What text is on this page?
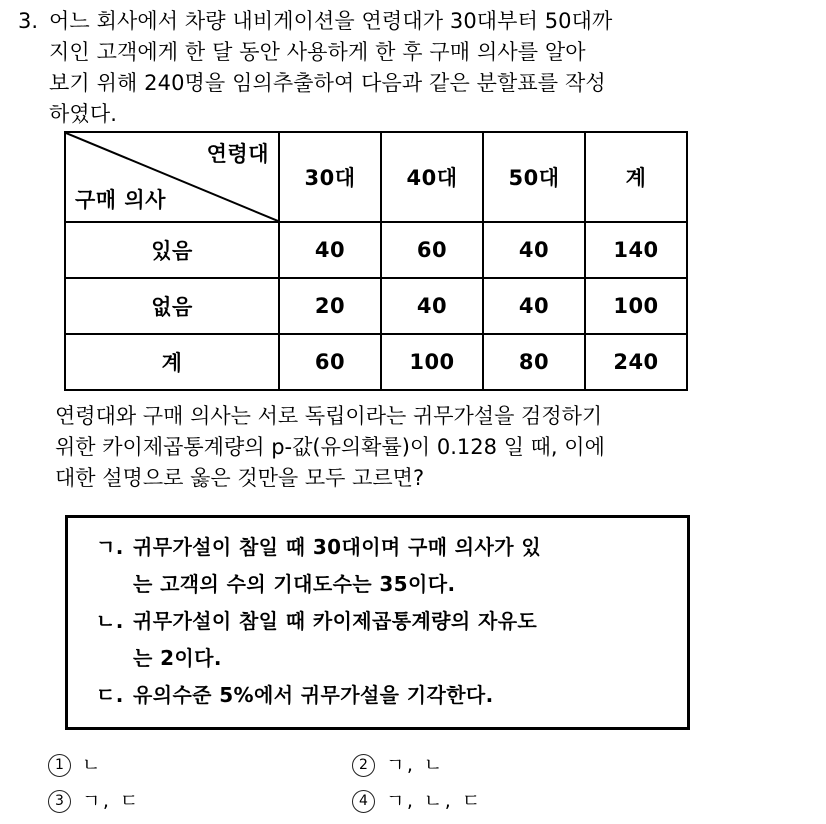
3. 어느 회사에서 차량 내비게이션을 연령대가 30대부터 50대까
지인 고객에게 한 달 동안 사용하게 한 후 구매 의사를 알아
보기 위해 240명을 임의추출하여 다음과 같은 분할표를 작성
하였다.
연령대
구매 의사	30대	40대	50대	계
있음	40	60	40	140
없음	20	40	40	100
계	60	100	80	240
연령대와 구매 의사는 서로 독립이라는 귀무가설을 검정하기
위한 카이제곱통계량의 p-값(유의확률)이 0.128 일 때, 이에
대한 설명으로 옳은 것만을 모두 고르면?
ㄱ. 귀무가설이 참일 때 30대이며 구매 의사가 있
는 고객의 수의 기대도수는 35이다.
ㄴ. 귀무가설이 참일 때 카이제곱통계량의 자유도
는 2이다.
ㄷ. 유의수준 5%에서 귀무가설을 기각한다.
1 ㄴ	2 ㄱ, ㄴ
3 ㄱ, ㄷ	4 ㄱ, ㄴ, ㄷ
